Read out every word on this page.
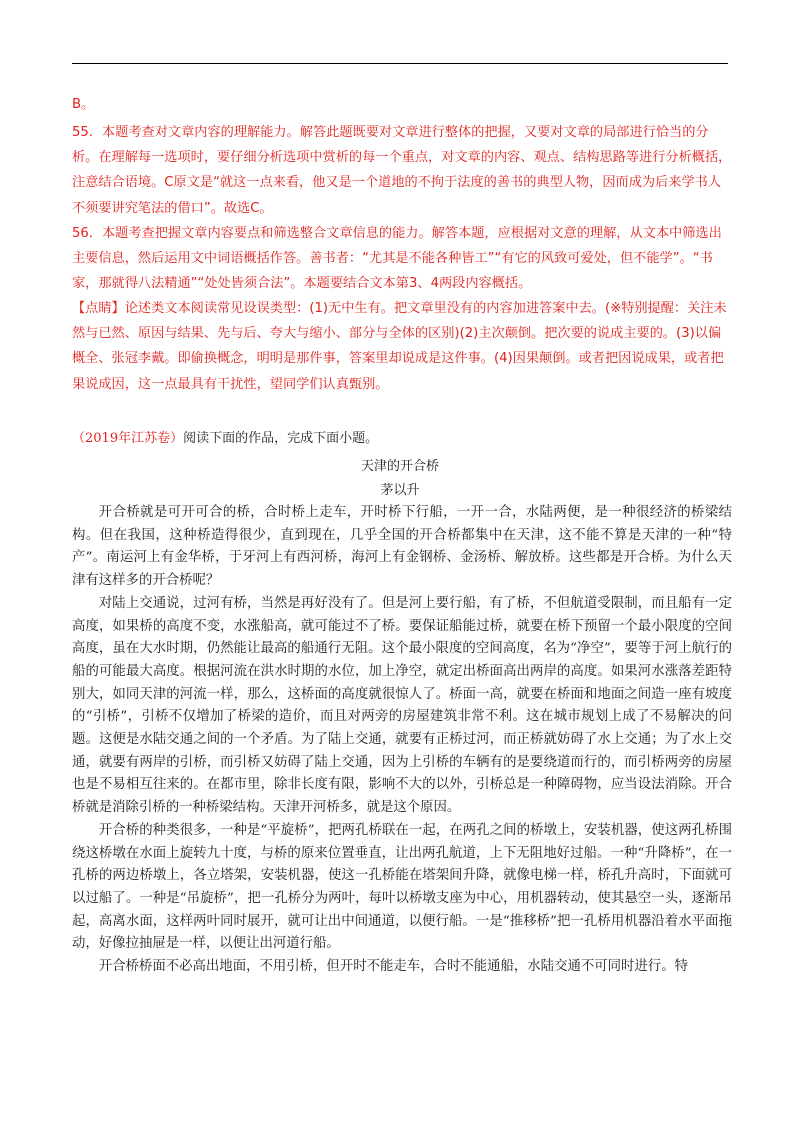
B。

55．本题考查对文章内容的理解能力。解答此题既要对文章进行整体的把握，又要对文章的局部进行恰当的分析。在理解每一选项时，要仔细分析选项中赏析的每一个重点，对文章的内容、观点、结构思路等进行分析概括，注意结合语境。C原文是“就这一点来看，他又是一个道地的不拘于法度的善书的典型人物，因而成为后来学书人不须要讲究笔法的借口”。故选C。

56．本题考查把握文章内容要点和筛选整合文章信息的能力。解答本题，应根据对文意的理解，从文本中筛选出主要信息，然后运用文中词语概括作答。善书者：“尤其是不能各种皆工”“有它的风致可爱处，但不能学”。“书家，那就得八法精通”“处处皆须合法”。本题要结合文本第3、4两段内容概括。

【点睛】论述类文本阅读常见设误类型：(1)无中生有。把文章里没有的内容加进答案中去。(※特别提醒：关注未然与已然、原因与结果、先与后、夸大与缩小、部分与全体的区别)(2)主次颠倒。把次要的说成主要的。(3)以偏概全、张冠李戴。即偷换概念，明明是那件事，答案里却说成是这件事。(4)因果颠倒。或者把因说成果，或者把果说成因，这一点最具有干扰性，望同学们认真甄别。

（2019年江苏卷）阅读下面的作品，完成下面小题。
天津的开合桥
茅以升

开合桥就是可开可合的桥，合时桥上走车，开时桥下行船，一开一合，水陆两便，是一种很经济的桥梁结构。但在我国，这种桥造得很少，直到现在，几乎全国的开合桥都集中在天津，这不能不算是天津的一种“特产”。南运河上有金华桥，于牙河上有西河桥，海河上有金钢桥、金汤桥、解放桥。这些都是开合桥。为什么天津有这样多的开合桥呢？

对陆上交通说，过河有桥，当然是再好没有了。但是河上要行船，有了桥，不但航道受限制，而且船有一定高度，如果桥的高度不变，水涨船高，就可能过不了桥。要保证船能过桥，就要在桥下预留一个最小限度的空间高度，虽在大水时期，仍然能让最高的船通行无阻。这个最小限度的空间高度，名为“净空”，要等于河上航行的船的可能最大高度。根据河流在洪水时期的水位，加上净空，就定出桥面高出两岸的高度。如果河水涨落差距特别大，如同天津的河流一样，那么，这桥面的高度就很惊人了。桥面一高，就要在桥面和地面之间造一座有坡度的“引桥”，引桥不仅增加了桥梁的造价，而且对两旁的房屋建筑非常不利。这在城市规划上成了不易解决的问题。这便是水陆交通之间的一个矛盾。为了陆上交通，就要有正桥过河，而正桥就妨碍了水上交通；为了水上交通，就要有两岸的引桥，而引桥又妨碍了陆上交通，因为上引桥的车辆有的是要绕道而行的，而引桥两旁的房屋也是不易相互往来的。在都市里，除非长度有限，影响不大的以外，引桥总是一种障碍物，应当设法消除。开合桥就是消除引桥的一种桥梁结构。天津开河桥多，就是这个原因。

开合桥的种类很多，一种是“平旋桥”，把两孔桥联在一起，在两孔之间的桥墩上，安装机器，使这两孔桥围绕这桥墩在水面上旋转九十度，与桥的原来位置垂直，让出两孔航道，上下无阻地好过船。一种“升降桥”，在一孔桥的两边桥墩上，各立塔架，安装机器，使这一孔桥能在塔架间升降，就像电梯一样，桥孔升高时，下面就可以过船了。一种是“吊旋桥”，把一孔桥分为两叶，每叶以桥墩支座为中心，用机器转动，使其悬空一头，逐渐吊起，高离水面，这样两叶同时展开，就可让出中间通道，以便行船。一是“推移桥”把一孔桥用机器沿着水平面拖动，好像拉抽屉是一样，以便让出河道行船。

开合桥桥面不必高出地面，不用引桥，但开时不能走车，合时不能通船，水陆交通不可同时进行。特
